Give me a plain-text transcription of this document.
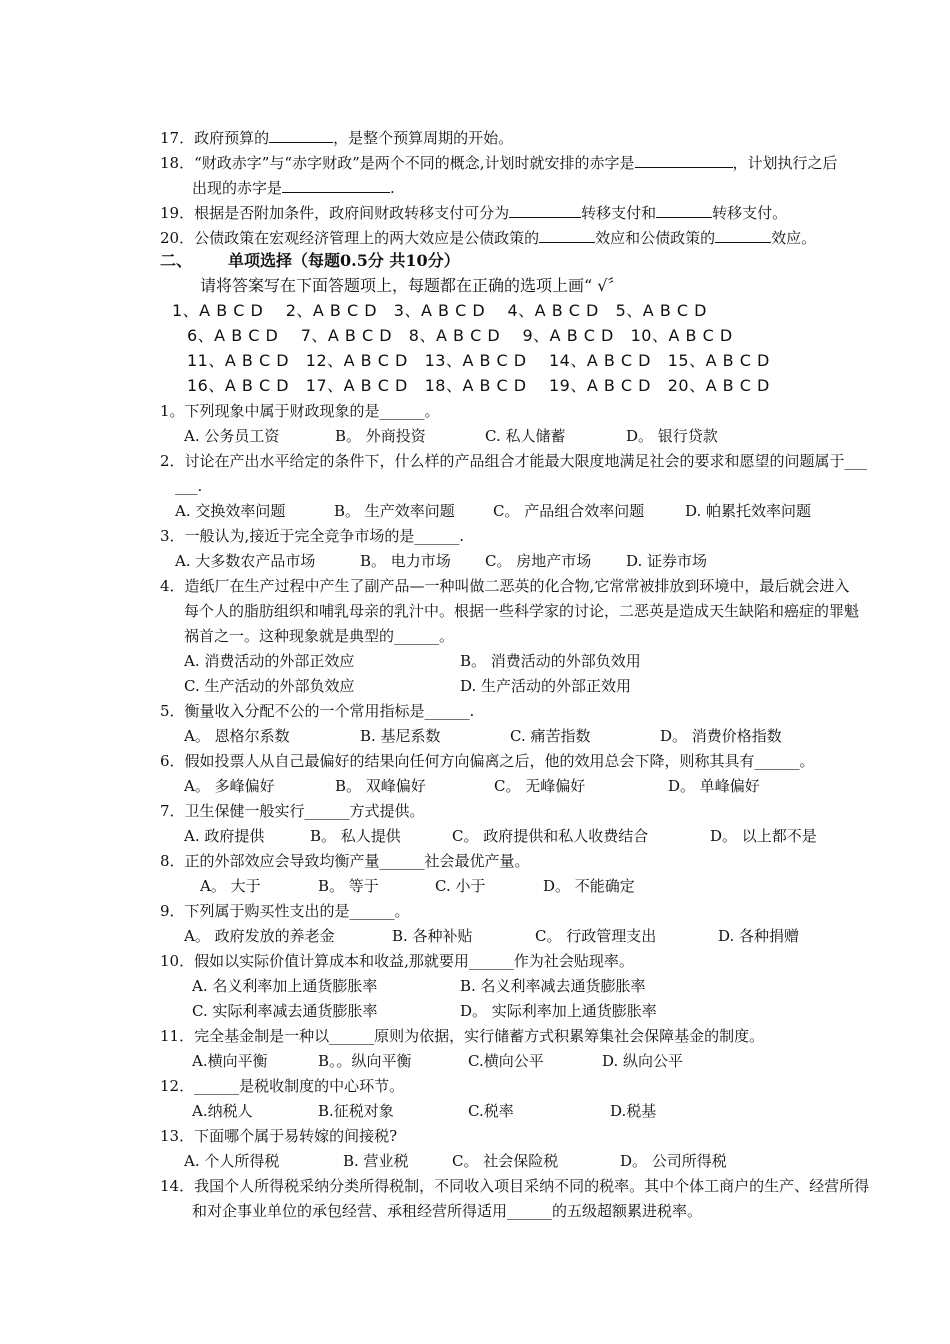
17．政府预算的	，是整个预算周期的开始。
18．“财政赤字”与“赤字财政”是两个不同的概念,计划时就安排的赤字是	，计划执行之后
出现的赤字是	.
19．根据是否附加条件，政府间财政转移支付可分为	转移支付和	转移支付。
20．公债政策在宏观经济管理上的两大效应是公债政策的	效应和公债政策的	效应。
二、 单项选择（每题0.5分 共10分）
请将答案写在下面答题项上，每题都在正确的选项上画“ √〞
1、A B C D    2、A B C D   3、A B C D    4、A B C D   5、A B C D
6、A B C D    7、A B C D   8、A B C D    9、A B C D   10、A B C D
11、A B C D   12、A B C D   13、A B C D    14、A B C D   15、A B C D
16、A B C D   17、A B C D   18、A B C D    19、A B C D   20、A B C D
1。下列现象中属于财政现象的是______。
A. 公务员工资	B。 外商投资	C. 私人储蓄	D。 银行贷款
2．讨论在产出水平给定的条件下，什么样的产品组合才能最大限度地满足社会的要求和愿望的问题属于___
___.
A. 交换效率问题	B。 生产效率问题	C。 产品组合效率问题	D. 帕累托效率问题
3．一般认为,接近于完全竞争市场的是______.
A. 大多数农产品市场	B。 电力市场 C。 房地产市场 D. 证券市场
4．造纸厂在生产过程中产生了副产品—一种叫做二恶英的化合物,它常常被排放到环境中，最后就会进入
每个人的脂肪组织和哺乳母亲的乳汁中。根据一些科学家的讨论，二恶英是造成天生缺陷和癌症的罪魁
祸首之一。这种现象就是典型的______。
A. 消费活动的外部正效应	B。 消费活动的外部负效用
C. 生产活动的外部负效应	D. 生产活动的外部正效用
5．衡量收入分配不公的一个常用指标是______.
A。 恩格尔系数	B. 基尼系数	C. 痛苦指数	D。 消费价格指数
6．假如投票人从自己最偏好的结果向任何方向偏离之后，他的效用总会下降，则称其具有______。
A。 多峰偏好	B。 双峰偏好	C。 无峰偏好	D。 单峰偏好
7．卫生保健一般实行______方式提供。
A. 政府提供	B。 私人提供	C。 政府提供和私人收费结合	D。 以上都不是
8．正的外部效应会导致均衡产量______社会最优产量。
A。 大于	B。 等于	C. 小于	D。 不能确定
9．下列属于购买性支出的是______。
A。 政府发放的养老金	B. 各种补贴	C。 行政管理支出	D. 各种捐赠
10．假如以实际价值计算成本和收益,那就要用______作为社会贴现率。
A. 名义利率加上通货膨胀率	B. 名义利率减去通货膨胀率
C. 实际利率减去通货膨胀率	D。 实际利率加上通货膨胀率
11．完全基金制是一种以______原则为依据，实行储蓄方式积累筹集社会保障基金的制度。
A.横向平衡	B。。纵向平衡	C.横向公平	D. 纵向公平
12．______是税收制度的中心环节。
A.纳税人	B.征税对象	C.税率	D.税基
13．下面哪个属于易转嫁的间接税?
A. 个人所得税	B. 营业税	C。 社会保险税	D。 公司所得税
14．我国个人所得税采纳分类所得税制，不同收入项目采纳不同的税率。其中个体工商户的生产、经营所得
和对企事业单位的承包经营、承租经营所得适用______的五级超额累进税率。
